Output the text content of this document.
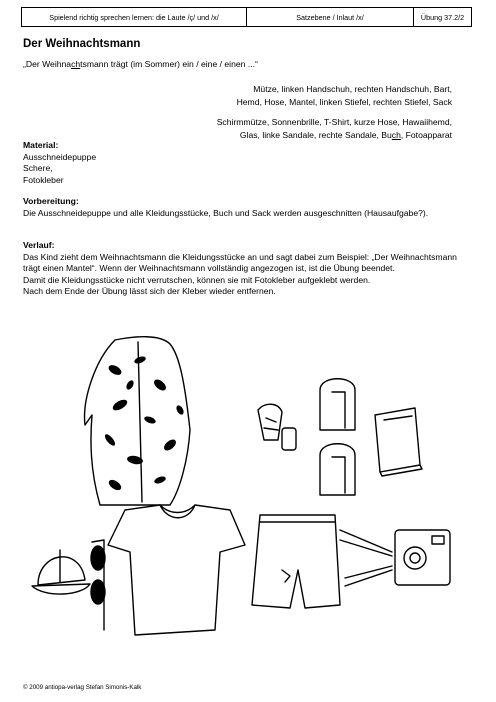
Spielend richtig sprechen lernen: die Laute /ç/ und /x/	Satzebene / Inlaut /x/	Übung 37.2/2
Der Weihnachtsmann
„Der Weihnachtsmann trägt (im Sommer) ein / eine / einen ...“
Mütze, linken Handschuh, rechten Handschuh, Bart,
Hemd, Hose, Mantel, linken Stiefel, rechten Stiefel, Sack
Schirmmütze, Sonnenbrille, T-Shirt, kurze Hose, Hawaiihemd,
Glas, linke Sandale, rechte Sandale, Buch, Fotoapparat
Material:
Ausschneidepuppe
Schere,
Fotokleber
Vorbereitung:
Die Ausschneidepuppe und alle Kleidungsstücke, Buch und Sack werden ausgeschnitten (Hausaufgabe?).
Verlauf:
Das Kind zieht dem Weihnachtsmann die Kleidungsstücke an und sagt dabei zum Beispiel: „Der Weihnachtsmann trägt einen Mantel“. Wenn der Weihnachtsmann vollständig angezogen ist, ist die Übung beendet.
Damit die Kleidungsstücke nicht verrutschen, können sie mit Fotokleber aufgeklebt werden.
Nach dem Ende der Übung lässt sich der Kleber wieder entfernen.
© 2009 antiopa-verlag Stefan Simonis-Kalk
